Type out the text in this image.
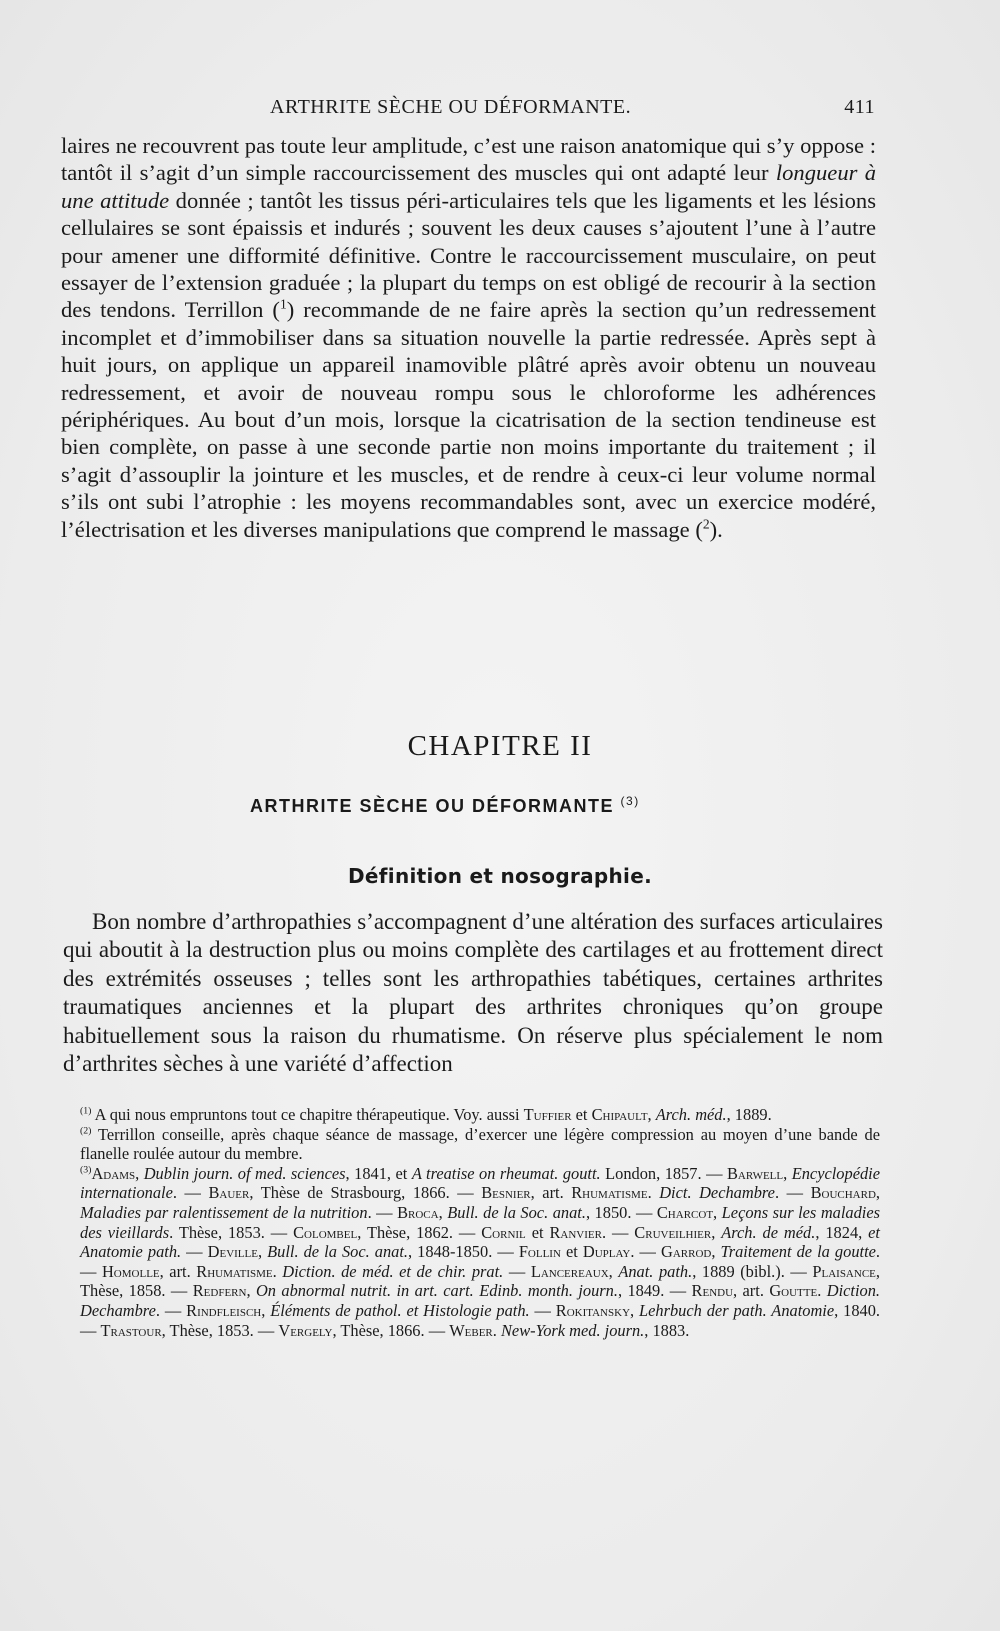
ARTHRITE SÈCHE OU DÉFORMANTE.	411

laires ne recouvrent pas toute leur amplitude, c’est une raison anatomique qui s’y oppose : tantôt il s’agit d’un simple raccourcissement des muscles qui ont adapté leur longueur à une attitude donnée ; tantôt les tissus péri-articulaires tels que les ligaments et les lésions cellulaires se sont épaissis et indurés ; souvent les deux causes s’ajoutent l’une à l’autre pour amener une difformité définitive. Contre le raccourcissement musculaire, on peut essayer de l’extension graduée ; la plupart du temps on est obligé de recourir à la section des tendons. Terrillon ($^1$) recommande de ne faire après la section qu’un redressement incomplet et d’immobiliser dans sa situation nouvelle la partie redressée. Après sept à huit jours, on applique un appareil inamovible plâtré après avoir obtenu un nouveau redressement, et avoir de nouveau rompu sous le chloroforme les adhérences périphériques. Au bout d’un mois, lorsque la cicatrisation de la section tendineuse est bien complète, on passe à une seconde partie non moins importante du traitement ; il s’agit d’assouplir la jointure et les muscles, et de rendre à ceux-ci leur volume normal s’ils ont subi l’atrophie : les moyens recommandables sont, avec un exercice modéré, l’électrisation et les diverses manipulations que comprend le massage ($^2$).

CHAPITRE II
ARTHRITE SÈCHE OU DÉFORMANTE $^{(3)}$
Définition et nosographie.
Bon nombre d’arthropathies s’accompagnent d’une altération des surfaces articulaires qui aboutit à la destruction plus ou moins complète des cartilages et au frottement direct des extrémités osseuses ; telles sont les arthropathies tabétiques, certaines arthrites traumatiques anciennes et la plupart des arthrites chroniques qu’on groupe habituellement sous la raison du rhumatisme. On réserve plus spécialement le nom d’arthrites sèches à une variété d’affection

$^{(1)}$ A qui nous empruntons tout ce chapitre thérapeutique. Voy. aussi Tuffier et Chipault, Arch. méd., 1889.

$^{(2)}$ Terrillon conseille, après chaque séance de massage, d’exercer une légère compression au moyen d’une bande de flanelle roulée autour du membre.

$^{(3)}$Adams, Dublin journ. of med. sciences, 1841, et A treatise on rheumat. goutt. London, 1857. — Barwell, Encyclopédie internationale. — Bauer, Thèse de Strasbourg, 1866. — Besnier, art. Rhumatisme. Dict. Dechambre. — Bouchard, Maladies par ralentissement de la nutrition. — Broca, Bull. de la Soc. anat., 1850. — Charcot, Leçons sur les maladies des vieillards. Thèse, 1853. — Colombel, Thèse, 1862. — Cornil et Ranvier. — Cruveilhier, Arch. de méd., 1824, et Anatomie path. — Deville, Bull. de la Soc. anat., 1848-1850. — Follin et Duplay. — Garrod, Traitement de la goutte. — Homolle, art. Rhumatisme. Diction. de méd. et de chir. prat. — Lancereaux, Anat. path., 1889 (bibl.). — Plaisance, Thèse, 1858. — Redfern, On abnormal nutrit. in art. cart. Edinb. month. journ., 1849. — Rendu, art. Goutte. Diction. Dechambre. — Rindfleisch, Éléments de pathol. et Histologie path. — Rokitansky, Lehrbuch der path. Anatomie, 1840. — Trastour, Thèse, 1853. — Vergely, Thèse, 1866. — Weber. New-York med. journ., 1883.
